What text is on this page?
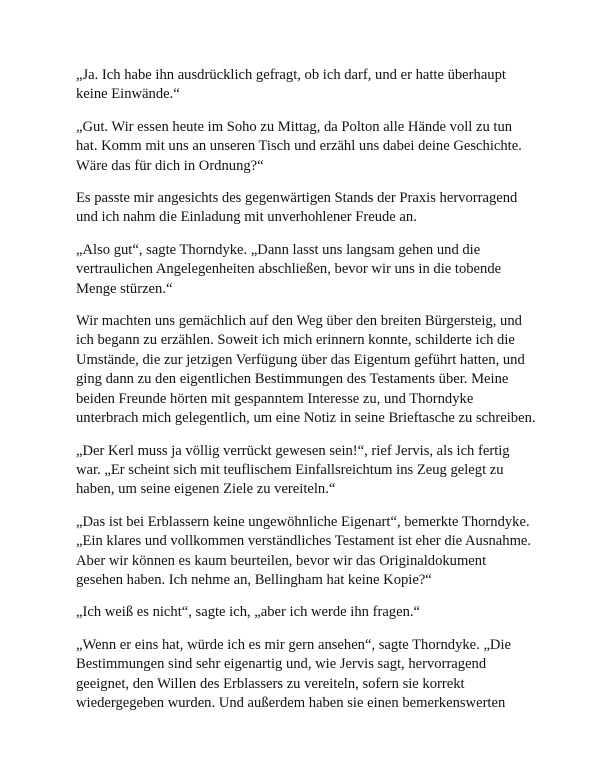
„Ja. Ich habe ihn ausdrücklich gefragt, ob ich darf, und er hatte überhaupt keine Einwände.“

„Gut. Wir essen heute im Soho zu Mittag, da Polton alle Hände voll zu tun hat. Komm mit uns an unseren Tisch und erzähl uns dabei deine Geschichte. Wäre das für dich in Ordnung?“

Es passte mir angesichts des gegenwärtigen Stands der Praxis hervorragend und ich nahm die Einladung mit unverhohlener Freude an.

„Also gut“, sagte Thorndyke. „Dann lasst uns langsam gehen und die vertraulichen Angelegenheiten abschließen, bevor wir uns in die tobende Menge stürzen.“

Wir machten uns gemächlich auf den Weg über den breiten Bürgersteig, und ich begann zu erzählen. Soweit ich mich erinnern konnte, schilderte ich die Umstände, die zur jetzigen Verfügung über das Eigentum geführt hatten, und ging dann zu den eigentlichen Bestimmungen des Testaments über. Meine beiden Freunde hörten mit gespanntem Interesse zu, und Thorndyke unterbrach mich gelegentlich, um eine Notiz in seine Brieftasche zu schreiben.

„Der Kerl muss ja völlig verrückt gewesen sein!“, rief Jervis, als ich fertig war. „Er scheint sich mit teuflischem Einfallsreichtum ins Zeug gelegt zu haben, um seine eigenen Ziele zu vereiteln.“

„Das ist bei Erblassern keine ungewöhnliche Eigenart“, bemerkte Thorndyke. „Ein klares und vollkommen verständliches Testament ist eher die Ausnahme. Aber wir können es kaum beurteilen, bevor wir das Originaldokument gesehen haben. Ich nehme an, Bellingham hat keine Kopie?“

„Ich weiß es nicht“, sagte ich, „aber ich werde ihn fragen.“

„Wenn er eins hat, würde ich es mir gern ansehen“, sagte Thorndyke. „Die Bestimmungen sind sehr eigenartig und, wie Jervis sagt, hervorragend geeignet, den Willen des Erblassers zu vereiteln, sofern sie korrekt wiedergegeben wurden. Und außerdem haben sie einen bemerkenswerten
